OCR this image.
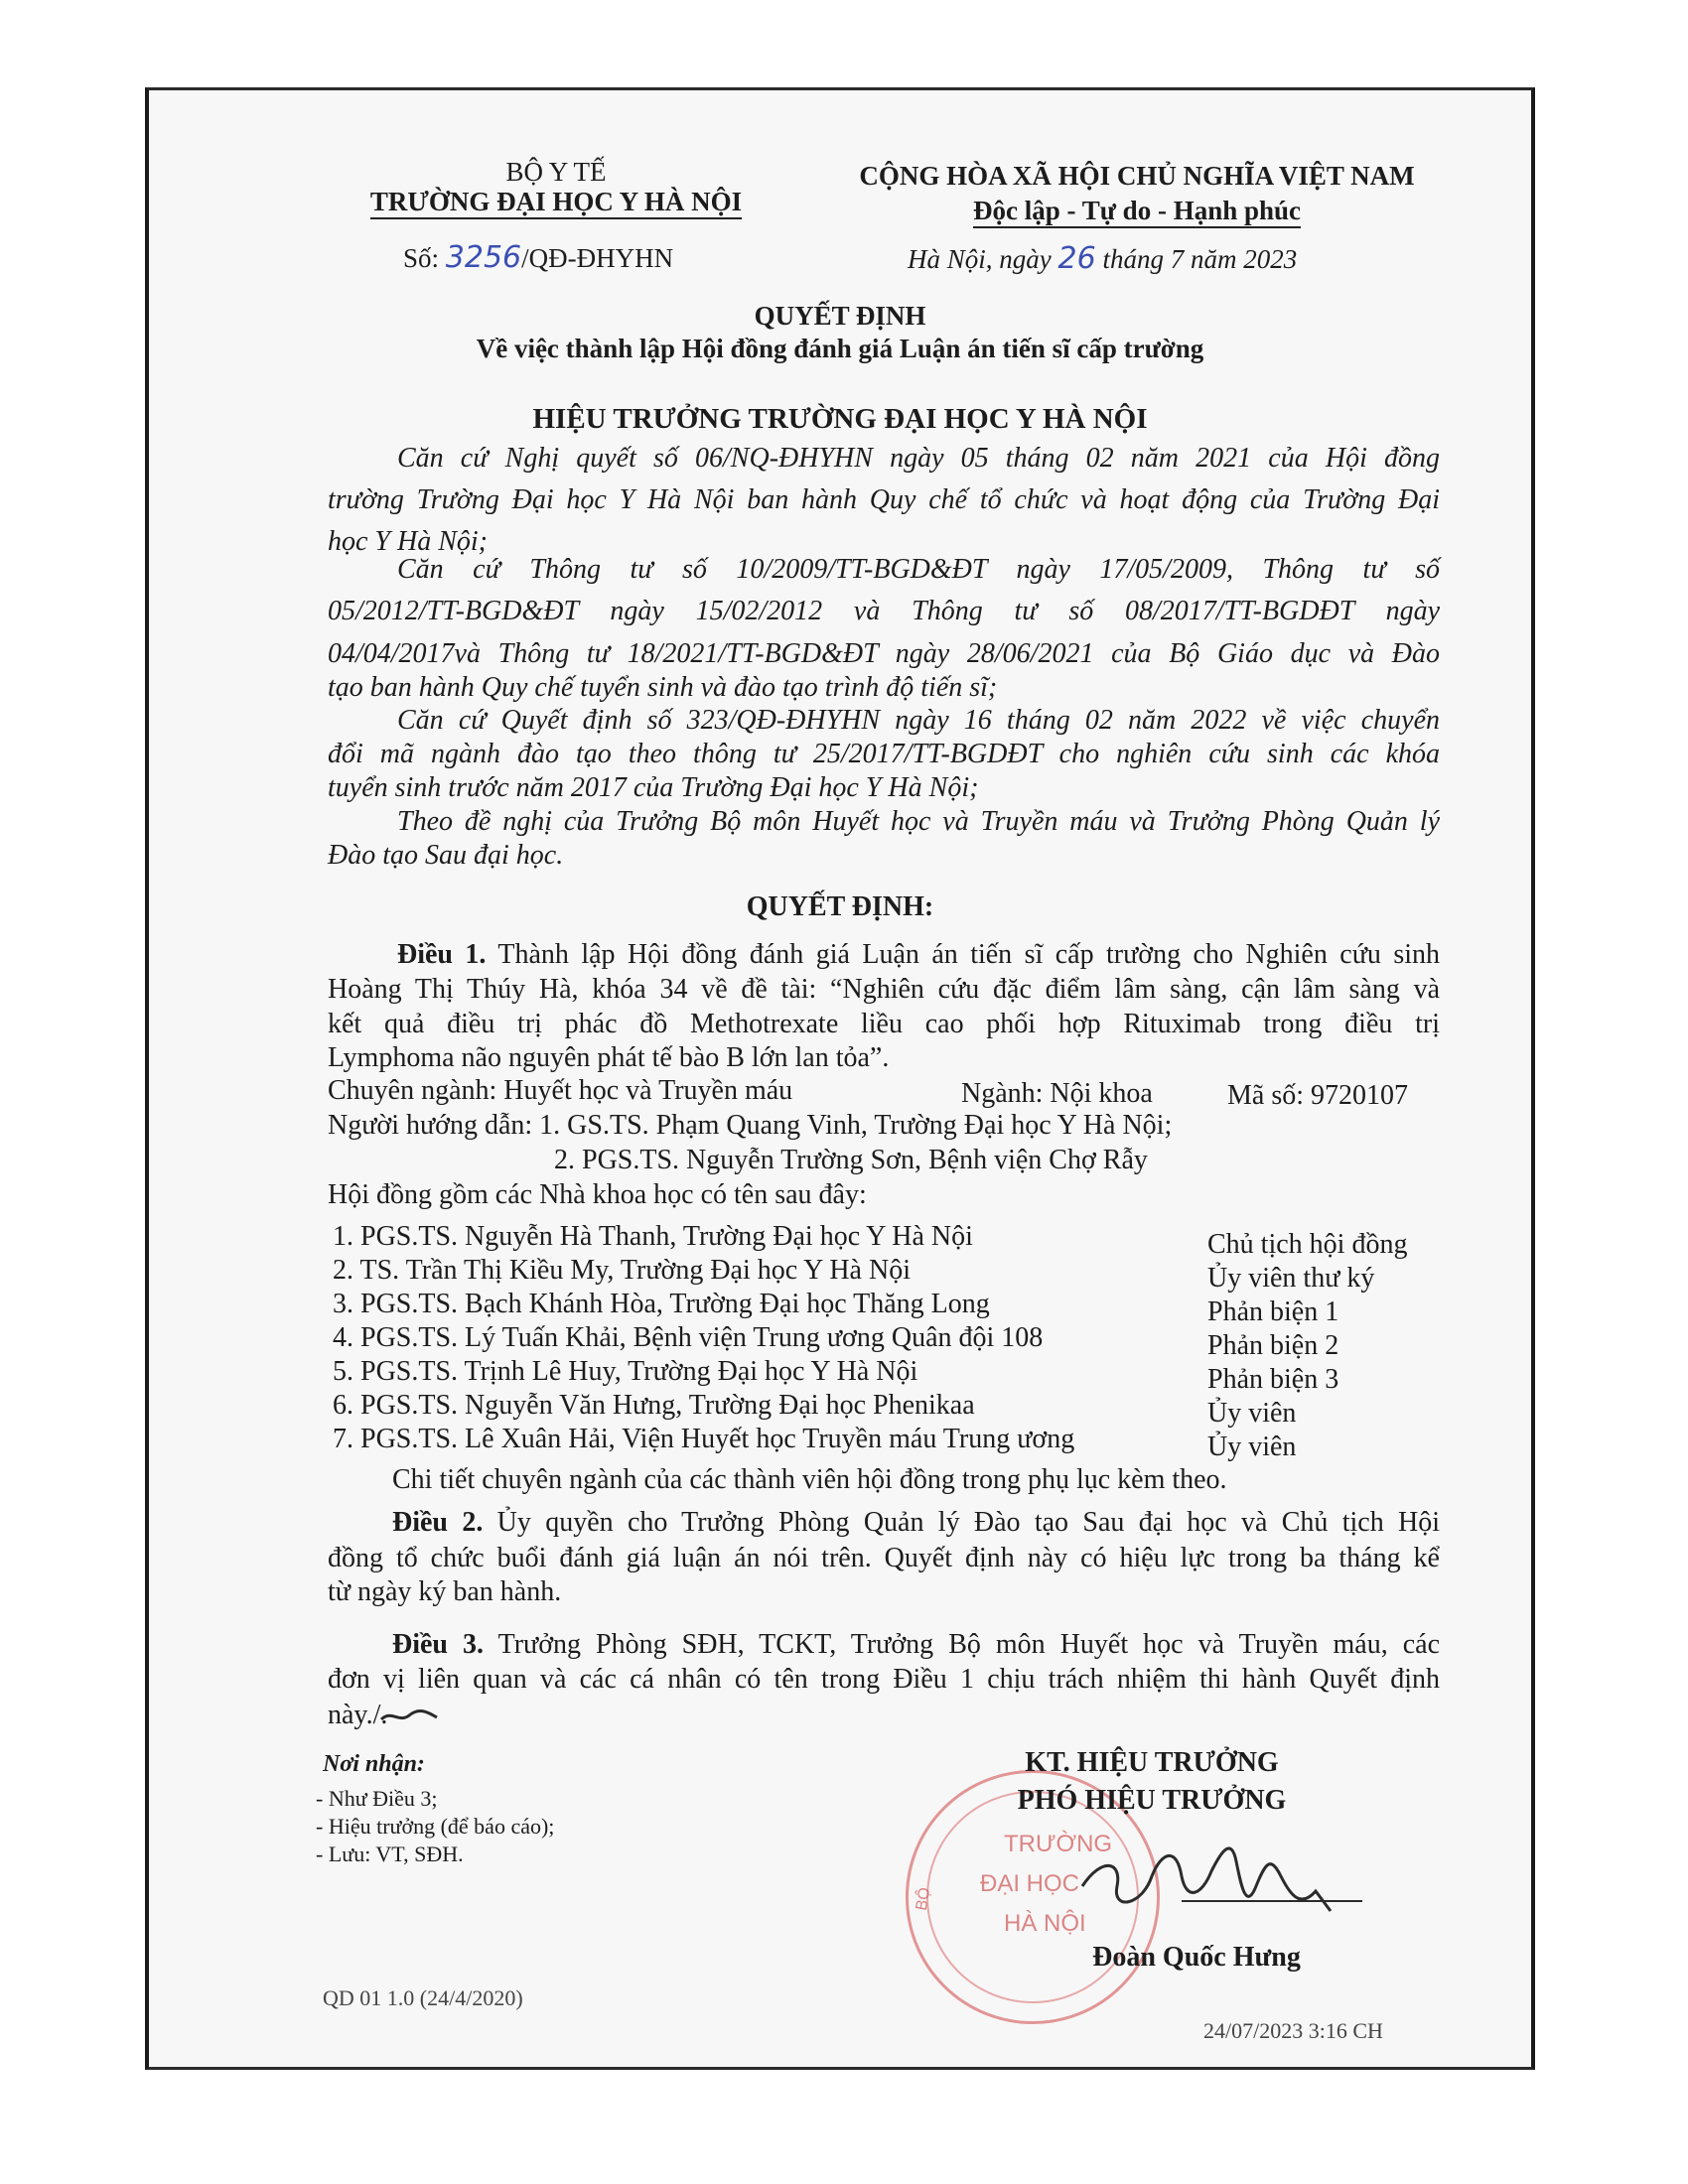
BỘ Y TẾ
TRƯỜNG ĐẠI HỌC Y HÀ NỘI
Số: 3256/QĐ-ĐHYHN
CỘNG HÒA XÃ HỘI CHỦ NGHĨA VIỆT NAM
Độc lập - Tự do - Hạnh phúc
Hà Nội, ngày 26 tháng 7 năm 2023
QUYẾT ĐỊNH
Về việc thành lập Hội đồng đánh giá Luận án tiến sĩ cấp trường
HIỆU TRƯỞNG TRƯỜNG ĐẠI HỌC Y HÀ NỘI
Căn cứ Nghị quyết số 06/NQ-ĐHYHN ngày 05 tháng 02 năm 2021 của Hội đồng
trường Trường Đại học Y Hà Nội ban hành Quy chế tổ chức và hoạt động của Trường Đại
học Y Hà Nội;
Căn cứ Thông tư số 10/2009/TT-BGD&ĐT ngày 17/05/2009, Thông tư số
05/2012/TT-BGD&ĐT ngày 15/02/2012 và Thông tư số 08/2017/TT-BGDĐT ngày
04/04/2017và Thông tư 18/2021/TT-BGD&ĐT ngày 28/06/2021 của Bộ Giáo dục và Đào
tạo ban hành Quy chế tuyển sinh và đào tạo trình độ tiến sĩ;
Căn cứ Quyết định số 323/QĐ-ĐHYHN ngày 16 tháng 02 năm 2022 về việc chuyển
đổi mã ngành đào tạo theo thông tư 25/2017/TT-BGDĐT cho nghiên cứu sinh các khóa
tuyển sinh trước năm 2017 của Trường Đại học Y Hà Nội;
Theo đề nghị của Trưởng Bộ môn Huyết học và Truyền máu và Trưởng Phòng Quản lý
Đào tạo Sau đại học.
QUYẾT ĐỊNH:
Điều 1. Thành lập Hội đồng đánh giá Luận án tiến sĩ cấp trường cho Nghiên cứu sinh
Hoàng Thị Thúy Hà, khóa 34 về đề tài: “Nghiên cứu đặc điểm lâm sàng, cận lâm sàng và
kết quả điều trị phác đồ Methotrexate liều cao phối hợp Rituximab trong điều trị
Lymphoma não nguyên phát tế bào B lớn lan tỏa”.
Chuyên ngành: Huyết học và Truyền máu	Ngành: Nội khoa	Mã số: 9720107
Người hướng dẫn: 1. GS.TS. Phạm Quang Vinh, Trường Đại học Y Hà Nội;
2. PGS.TS. Nguyễn Trường Sơn, Bệnh viện Chợ Rẫy
Hội đồng gồm các Nhà khoa học có tên sau đây:
1. PGS.TS. Nguyễn Hà Thanh, Trường Đại học Y Hà Nội	Chủ tịch hội đồng
2. TS. Trần Thị Kiều My, Trường Đại học Y Hà Nội	Ủy viên thư ký
3. PGS.TS. Bạch Khánh Hòa, Trường Đại học Thăng Long	Phản biện 1
4. PGS.TS. Lý Tuấn Khải, Bệnh viện Trung ương Quân đội 108	Phản biện 2
5. PGS.TS. Trịnh Lê Huy, Trường Đại học Y Hà Nội	Phản biện 3
6. PGS.TS. Nguyễn Văn Hưng, Trường Đại học Phenikaa	Ủy viên
7. PGS.TS. Lê Xuân Hải, Viện Huyết học Truyền máu Trung ương	Ủy viên
Chi tiết chuyên ngành của các thành viên hội đồng trong phụ lục kèm theo.
Điều 2. Ủy quyền cho Trưởng Phòng Quản lý Đào tạo Sau đại học và Chủ tịch Hội
đồng tổ chức buổi đánh giá luận án nói trên. Quyết định này có hiệu lực trong ba tháng kể
từ ngày ký ban hành.
Điều 3. Trưởng Phòng SĐH, TCKT, Trưởng Bộ môn Huyết học và Truyền máu, các
đơn vị liên quan và các cá nhân có tên trong Điều 1 chịu trách nhiệm thi hành Quyết định
này./.
Nơi nhận:
- Như Điều 3;
- Hiệu trưởng (để báo cáo);
- Lưu: VT, SĐH.	TRƯỜNG
ĐẠI HỌC
HÀ NỘI
BỘ
KT. HIỆU TRƯỞNG
PHÓ HIỆU TRƯỞNG
Đoàn Quốc Hưng
QD 01 1.0 (24/4/2020)
24/07/2023 3:16 CH
